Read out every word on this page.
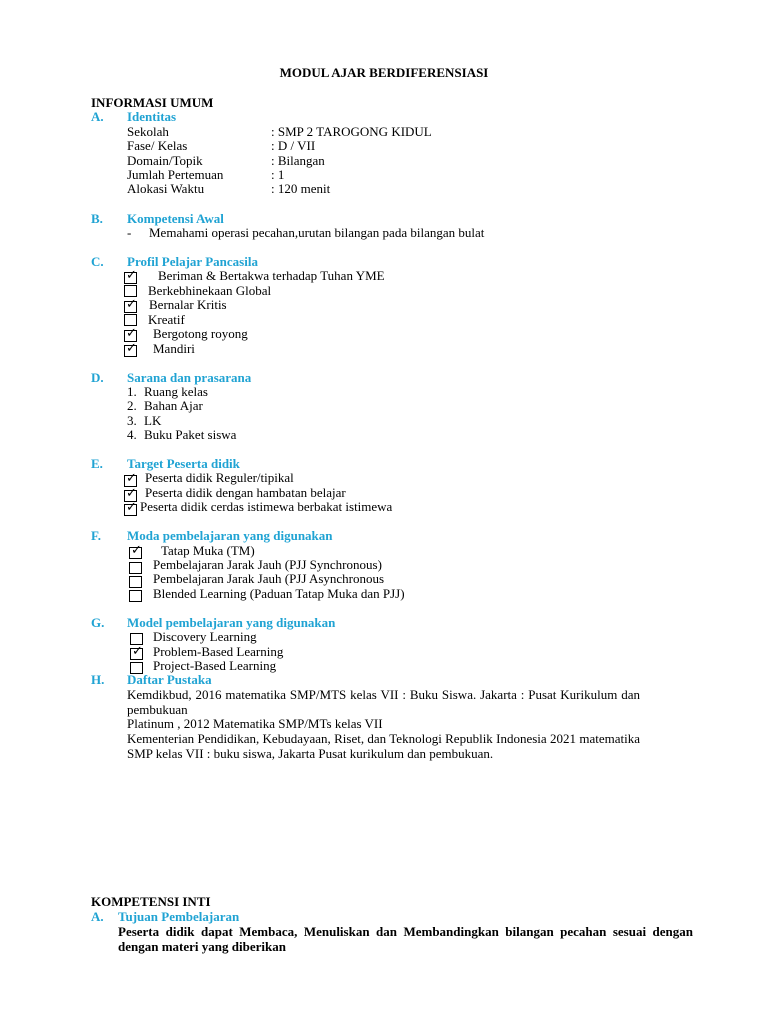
MODUL AJAR BERDIFERENSIASI
INFORMASI UMUM
A. Identitas
Sekolah	: SMP 2 TAROGONG KIDUL
Fase/ Kelas	: D / VII
Domain/Topik	: Bilangan
Jumlah Pertemuan	: 1
Alokasi Waktu	: 120 menit
B. Kompetensi Awal
- Memahami operasi pecahan,urutan bilangan pada bilangan bulat
C. Profil Pelajar Pancasila
✓ Beriman & Bertakwa terhadap Tuhan YME
Berkebhinekaan Global
✓ Bernalar Kritis
Kreatif
✓ Bergotong royong
✓ Mandiri
D. Sarana dan prasarana
1. Ruang kelas
2. Bahan Ajar
3. LK
4. Buku Paket siswa
E. Target Peserta didik
✓ Peserta didik Reguler/tipikal
✓ Peserta didik dengan hambatan belajar
✓ Peserta didik cerdas istimewa berbakat istimewa
F. Moda pembelajaran yang digunakan
✓ Tatap Muka (TM)
Pembelajaran Jarak Jauh (PJJ Synchronous)
Pembelajaran Jarak Jauh (PJJ Asynchronous
Blended Learning (Paduan Tatap Muka dan PJJ)
G. Model pembelajaran yang digunakan
Discovery Learning
✓ Problem-Based Learning
Project-Based Learning
H. Daftar Pustaka
Kemdikbud, 2016 matematika SMP/MTS kelas VII : Buku Siswa. Jakarta : Pusat Kurikulum dan pembukuan
Platinum , 2012 Matematika SMP/MTs kelas VII
Kementerian Pendidikan, Kebudayaan, Riset, dan Teknologi Republik Indonesia 2021 matematika SMP kelas VII : buku siswa, Jakarta Pusat kurikulum dan pembukuan.
KOMPETENSI INTI
A. Tujuan Pembelajaran
Peserta didik dapat Membaca, Menuliskan dan Membandingkan bilangan pecahan sesuai dengan dengan materi yang diberikan
